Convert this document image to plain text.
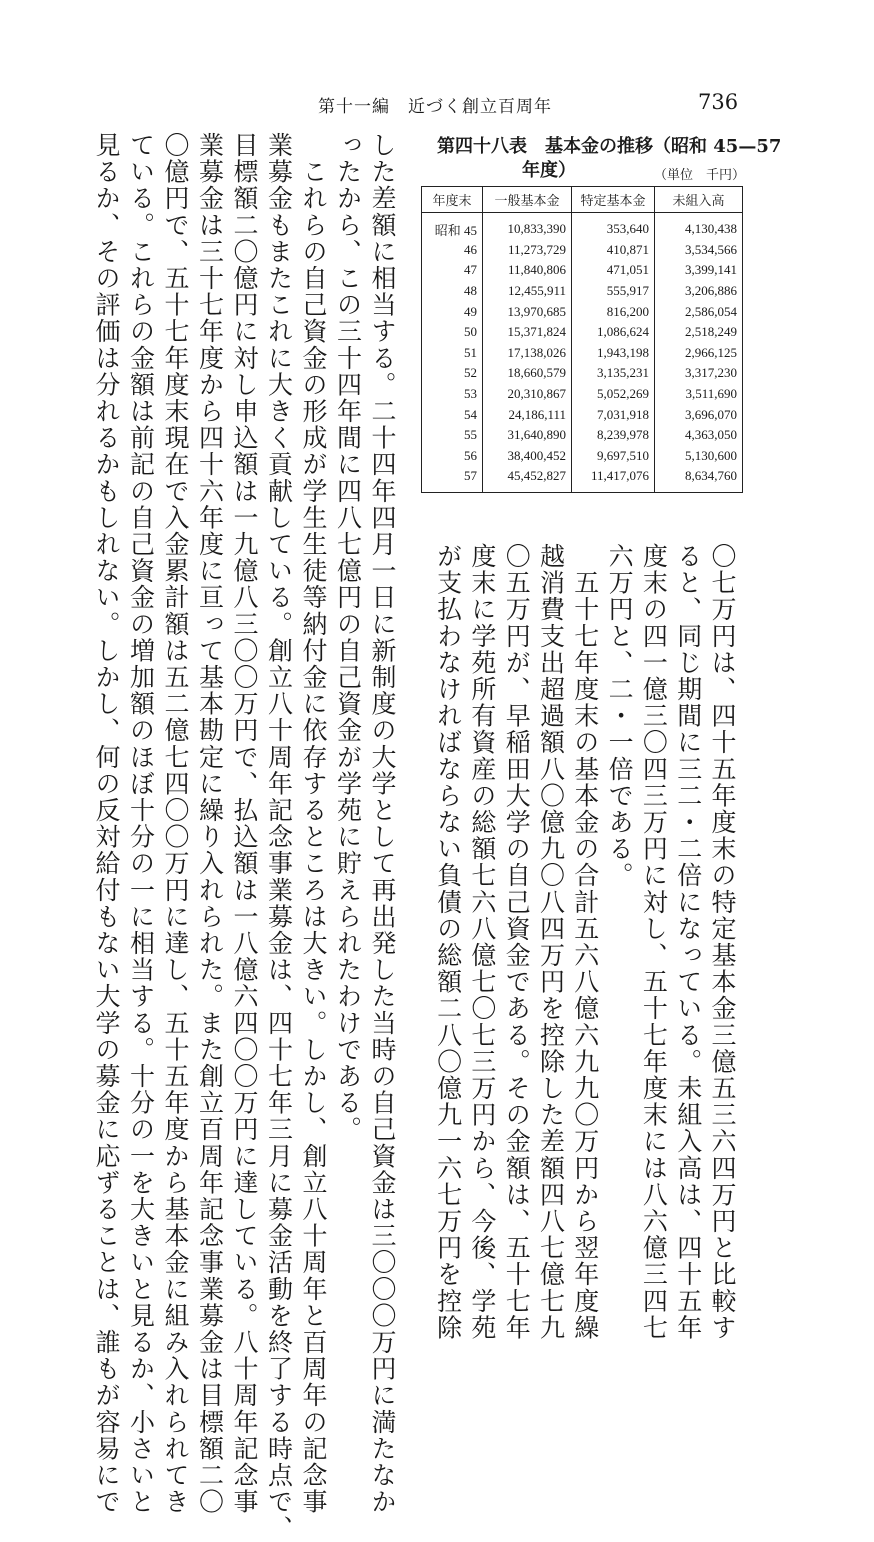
第十一編　近づく創立百周年	736
第四十八表　基本金の推移（昭和 45—57
年度）	（単位　千円）
年度末	一般基本金	特定基本金	未組入高
昭和 45	10,833,390	353,640	4,130,438
46	11,273,729	410,871	3,534,566
47	11,840,806	471,051	3,399,141
48	12,455,911	555,917	3,206,886
49	13,970,685	816,200	2,586,054
50	15,371,824	1,086,624	2,518,249
51	17,138,026	1,943,198	2,966,125
52	18,660,579	3,135,231	3,317,230
53	20,310,867	5,052,269	3,511,690
54	24,186,111	7,031,918	3,696,070
55	31,640,890	8,239,978	4,363,050
56	38,400,452	9,697,510	5,130,600
57	45,452,827	11,417,076	8,634,760
〇七万円は、四十五年度末の特定基本金三億五三六四万円と比較す
ると、同じ期間に三二・二倍になっている。未組入高は、四十五年
度末の四一億三〇四三万円に対し、五十七年度末には八六億三四七
六万円と、二・一倍である。
　五十七年度末の基本金の合計五六八億六九九〇万円から翌年度繰
越消費支出超過額八〇億九〇八四万円を控除した差額四八七億七九
〇五万円が、早稲田大学の自己資金である。その金額は、五十七年
度末に学苑所有資産の総額七六八億七〇七三万円から、今後、学苑
が支払わなければならない負債の総額二八〇億九一六七万円を控除
した差額に相当する。二十四年四月一日に新制度の大学として再出発した当時の自己資金は三〇〇〇万円に満たなか
ったから、この三十四年間に四八七億円の自己資金が学苑に貯えられたわけである。
　これらの自己資金の形成が学生生徒等納付金に依存するところは大きい。しかし、創立八十周年と百周年の記念事
業募金もまたこれに大きく貢献している。創立八十周年記念事業募金は、四十七年三月に募金活動を終了する時点で、
目標額二〇億円に対し申込額は一九億八三〇〇万円で、払込額は一八億六四〇〇万円に達している。八十周年記念事
業募金は三十七年度から四十六年度に亘って基本勘定に繰り入れられた。また創立百周年記念事業募金は目標額二〇
〇億円で、五十七年度末現在で入金累計額は五二億七四〇〇万円に達し、五十五年度から基本金に組み入れられてき
ている。これらの金額は前記の自己資金の増加額のほぼ十分の一に相当する。十分の一を大きいと見るか、小さいと
見るか、その評価は分れるかもしれない。しかし、何の反対給付もない大学の募金に応ずることは、誰もが容易にで
